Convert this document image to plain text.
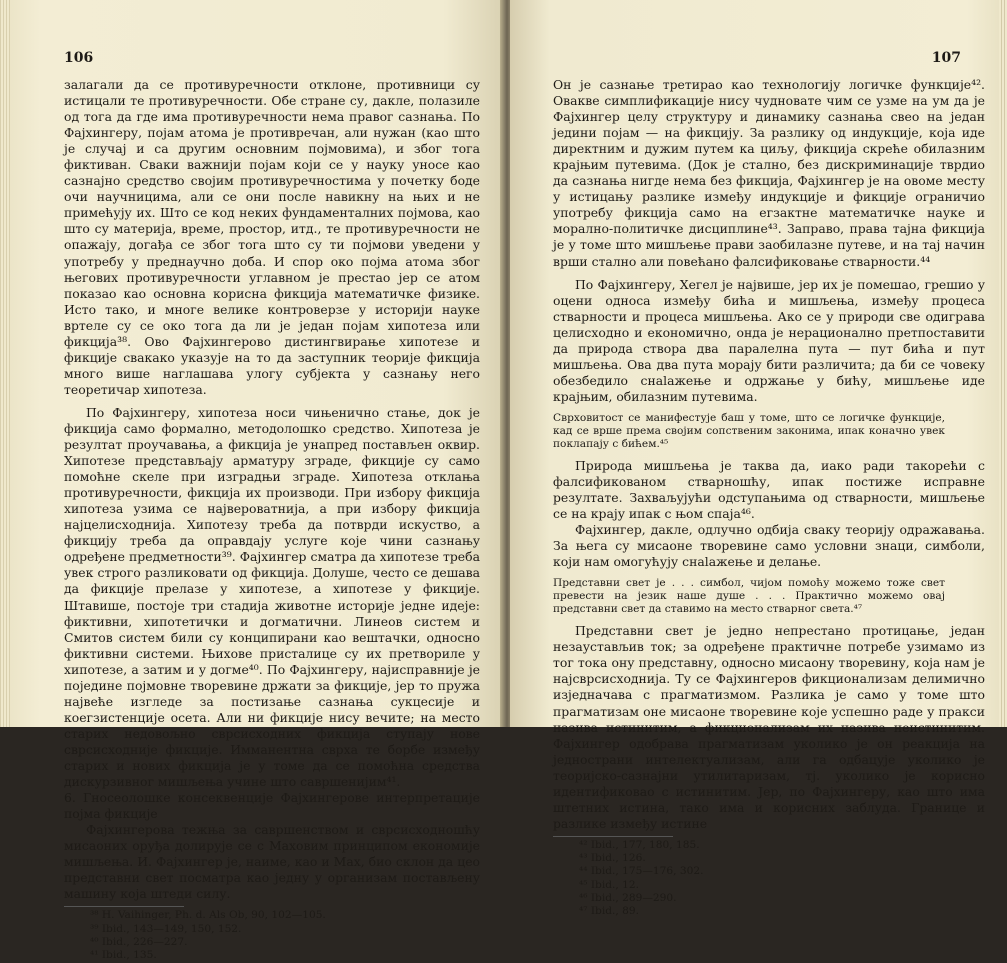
106

залагали да се противуречности отклоне, противници су истицали те противуречности. Обе стране су, дакле, полазиле од тога да где има противуречности нема правог сазнања. По Фајхингеру, појам атома је противречан, али нужан (као што је случај и са другим основним појмовима), и због тога фиктиван. Сваки важнији појам који се у науку уносе као сазнајно средство својим противуречностима у почетку боде очи научницима, али се они после навикну на њих и не примећују их. Што се код неких фундаменталних појмова, као што су материја, време, простор, итд., те противуречности не опажају, догађа се због тога што су ти појмови уведени у употребу у преднаучно доба. И спор око појма атома због његових противуречности углавном је престао јер се атом показао као основна корисна фикција математичке физике. Исто тако, и многе велике контроверзе у историји науке вртеле су се око тога да ли је један појам хипотеза или фикција³⁸. Ово Фајхингерово дистингвирање хипотезе и фикције свакако указује на то да заступник теорије фикција много више наглашава улогу субјекта у сазнању него теоретичар хипотеза.

По Фајхингеру, хипотеза носи чињенично стање, док је фикција само формално, методолошко средство. Хипотеза је резултат проучавања, а фикција је унапред постављен оквир. Хипотезе представљају арматуру зграде, фикције су само помоћне скеле при изградњи зграде. Хипотеза отклања противуречности, фикција их производи. При избору фикција хипотеза узима се највероватнија, а при избору фикција најцелисходнија. Хипотезу треба да потврди искуство, а фикцију треба да оправдају услуге које чини сазнању одређене предметности³⁹. Фајхингер сматра да хипотезе треба увек строго разликовати од фикција. Долуше, често се дешава да фикције прелазе у хипотезе, а хипотезе у фикције. Штавише, постоје три стадија животне историје једне идеје: фиктивни, хипотетички и догматични. Линеов систем и Смитов систем били су конципирани као вештачки, односно фиктивни системи. Њихове присталице су их претвориле у хипотезе, а затим и у догме⁴⁰. По Фајхингеру, најисправније је поједине појмовне творевине држати за фикције, јер то пружа највеће изгледе за постизање сазнања сукцесије и коегзистенције осета. Али ни фикције нису вечите; на место старих недовољно сврсисходних фикција ступају нове сврсисходније фикције. Имманентна сврха те борбе између старих и нових фикција је у томе да се помоћна средства дискурзивног мишљења учине што савршенијим⁴¹.

6. Гносеолошке консеквенције Фајхингерове интерпретације појма фикције

Фајхингерова тежња за савршенством и сврсисходношћу мисаоних оруђа долирује се с Маховим принципом економије мишљења. И. Фајхингер је, наиме, као и Мах, био склон да цео представни свет посматра као једну у организам постављену машину која штеди силу.

³⁸ H. Vaihinger, Ph. d. Als Ob, 90, 102—105.
³⁹ Ibid., 143—149, 150, 152.
⁴⁰ Ibid., 226—227.
⁴¹ Ibid., 135.
107

Он је сазнање третирао као технологију логичке функције⁴². Овакве симплификације нису чудновате чим се узме на ум да је Фајхингер целу структуру и динамику сазнања свео на један једини појам — на фикцију. За разлику од индукције, која иде директним и дужим путем ка циљу, фикција скреће обилазним крајњим путевима. (Док је стално, без дискриминације тврдио да сазнања нигде нема без фикција, Фајхингер је на овоме месту у истицању разлике између индукције и фикције ограничио употребу фикција само на егзактне математичке науке и морално-политичке дисциплине⁴³. Заправо, права тајна фикција је у томе што мишљење прави заобилазне путеве, и на тај начин врши стално али повећано фалсификовање стварности.⁴⁴

По Фајхингеру, Хегел је највише, јер их је помешао, грешио у оцени односа између бића и мишљења, између процеса стварности и процеса мишљења. Ако се у природи све одиграва целисходно и економично, онда је нерационално претпоставити да природа створа два паралелна пута — пут бића и пут мишљења. Ова два пута морају бити различита; да би се човеку обезбедило снalaжење и одржање у бићу, мишљење иде крајњим, обилазним путевима.

Сврховитост се манифестује баш у томе, што се логичке функције, кад се врше према својим сопственим законима, ипак коначно увек поклапају с бићем.⁴⁵

Природа мишљења је таква да, иако ради такорећи с фалсификованом стварношћу, ипак постиже исправне резултате. Захваљујући одступањима од стварности, мишљење се на крају ипак с њом спаја⁴⁶.

Фајхингер, дакле, одлучно одбија сваку теорију одражавања. За њега су мисаоне творевине само условни знаци, симболи, који нам омогућују снalaжење и делање.

Представни свет је . . . симбол, чијом помоћу можемо тоже свет превести на језик наше душе . . . Практично можемо овај представни свет да ставимо на место стварног света.⁴⁷

Представни свет је једно непрестано протицање, један незаустављив ток; за одређене практичне потребе узимамо из тог тока ону представну, односно мисаону творевину, која нам је најсврсисходнија. Ту се Фајхингеров фикционализам делимично изједначава с прагматизмом. Разлика је само у томе што прагматизам оне мисаоне творевине које успешно раде у пракси назива истинитим, а фикционализам их назива неистинитим. Фајхингер одобрава прагматизам уколико је он реакција на једнострани интелектуализам, али га одбацује уколико је теоријско-сазнајни утилитаризам, тј. уколико је корисно идентификовао с истинитим. Јер, по Фајхингеру, као што има штетних истина, тако има и корисних заблуда. Границе и разлике између истине

⁴² Ibid., 177, 180, 185.
⁴³ Ibid., 126.
⁴⁴ Ibid., 175—176, 302.
⁴⁵ Ibid., 12.
⁴⁶ Ibid., 289—290.
⁴⁷ Ibid., 89.
